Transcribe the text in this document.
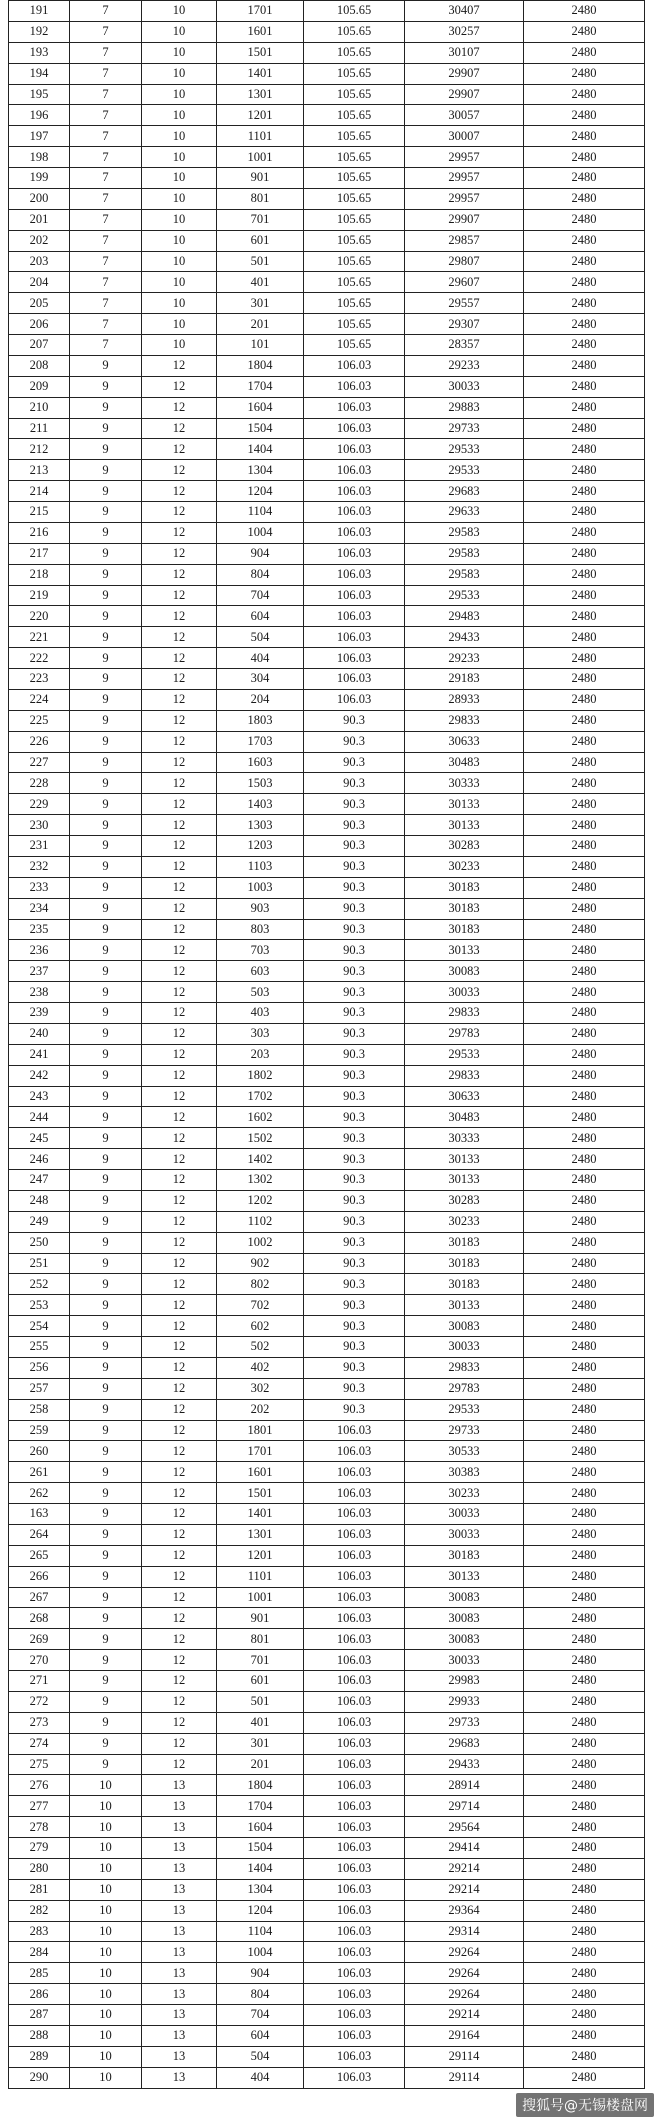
191	7	10	1701	105.65	30407	2480
192	7	10	1601	105.65	30257	2480
193	7	10	1501	105.65	30107	2480
194	7	10	1401	105.65	29907	2480
195	7	10	1301	105.65	29907	2480
196	7	10	1201	105.65	30057	2480
197	7	10	1101	105.65	30007	2480
198	7	10	1001	105.65	29957	2480
199	7	10	901	105.65	29957	2480
200	7	10	801	105.65	29957	2480
201	7	10	701	105.65	29907	2480
202	7	10	601	105.65	29857	2480
203	7	10	501	105.65	29807	2480
204	7	10	401	105.65	29607	2480
205	7	10	301	105.65	29557	2480
206	7	10	201	105.65	29307	2480
207	7	10	101	105.65	28357	2480
208	9	12	1804	106.03	29233	2480
209	9	12	1704	106.03	30033	2480
210	9	12	1604	106.03	29883	2480
211	9	12	1504	106.03	29733	2480
212	9	12	1404	106.03	29533	2480
213	9	12	1304	106.03	29533	2480
214	9	12	1204	106.03	29683	2480
215	9	12	1104	106.03	29633	2480
216	9	12	1004	106.03	29583	2480
217	9	12	904	106.03	29583	2480
218	9	12	804	106.03	29583	2480
219	9	12	704	106.03	29533	2480
220	9	12	604	106.03	29483	2480
221	9	12	504	106.03	29433	2480
222	9	12	404	106.03	29233	2480
223	9	12	304	106.03	29183	2480
224	9	12	204	106.03	28933	2480
225	9	12	1803	90.3	29833	2480
226	9	12	1703	90.3	30633	2480
227	9	12	1603	90.3	30483	2480
228	9	12	1503	90.3	30333	2480
229	9	12	1403	90.3	30133	2480
230	9	12	1303	90.3	30133	2480
231	9	12	1203	90.3	30283	2480
232	9	12	1103	90.3	30233	2480
233	9	12	1003	90.3	30183	2480
234	9	12	903	90.3	30183	2480
235	9	12	803	90.3	30183	2480
236	9	12	703	90.3	30133	2480
237	9	12	603	90.3	30083	2480
238	9	12	503	90.3	30033	2480
239	9	12	403	90.3	29833	2480
240	9	12	303	90.3	29783	2480
241	9	12	203	90.3	29533	2480
242	9	12	1802	90.3	29833	2480
243	9	12	1702	90.3	30633	2480
244	9	12	1602	90.3	30483	2480
245	9	12	1502	90.3	30333	2480
246	9	12	1402	90.3	30133	2480
247	9	12	1302	90.3	30133	2480
248	9	12	1202	90.3	30283	2480
249	9	12	1102	90.3	30233	2480
250	9	12	1002	90.3	30183	2480
251	9	12	902	90.3	30183	2480
252	9	12	802	90.3	30183	2480
253	9	12	702	90.3	30133	2480
254	9	12	602	90.3	30083	2480
255	9	12	502	90.3	30033	2480
256	9	12	402	90.3	29833	2480
257	9	12	302	90.3	29783	2480
258	9	12	202	90.3	29533	2480
259	9	12	1801	106.03	29733	2480
260	9	12	1701	106.03	30533	2480
261	9	12	1601	106.03	30383	2480
262	9	12	1501	106.03	30233	2480
163	9	12	1401	106.03	30033	2480
264	9	12	1301	106.03	30033	2480
265	9	12	1201	106.03	30183	2480
266	9	12	1101	106.03	30133	2480
267	9	12	1001	106.03	30083	2480
268	9	12	901	106.03	30083	2480
269	9	12	801	106.03	30083	2480
270	9	12	701	106.03	30033	2480
271	9	12	601	106.03	29983	2480
272	9	12	501	106.03	29933	2480
273	9	12	401	106.03	29733	2480
274	9	12	301	106.03	29683	2480
275	9	12	201	106.03	29433	2480
276	10	13	1804	106.03	28914	2480
277	10	13	1704	106.03	29714	2480
278	10	13	1604	106.03	29564	2480
279	10	13	1504	106.03	29414	2480
280	10	13	1404	106.03	29214	2480
281	10	13	1304	106.03	29214	2480
282	10	13	1204	106.03	29364	2480
283	10	13	1104	106.03	29314	2480
284	10	13	1004	106.03	29264	2480
285	10	13	904	106.03	29264	2480
286	10	13	804	106.03	29264	2480
287	10	13	704	106.03	29214	2480
288	10	13	604	106.03	29164	2480
289	10	13	504	106.03	29114	2480
290	10	13	404	106.03	29114	2480
搜狐号@无锡楼盘网
